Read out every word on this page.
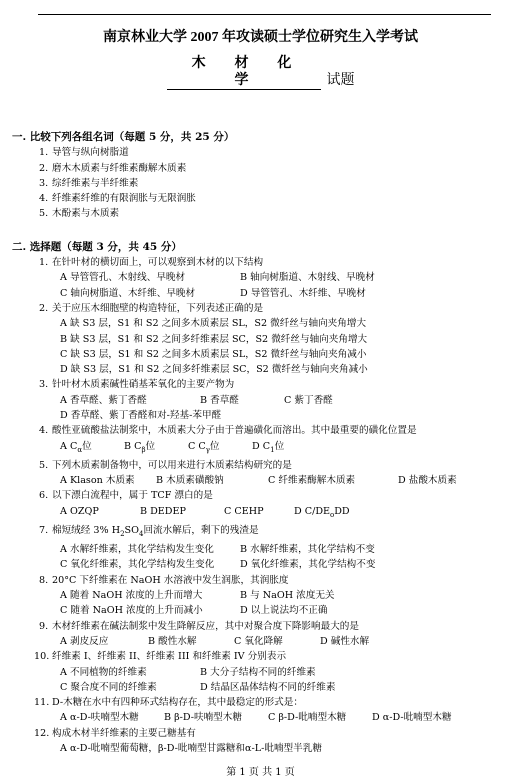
南京林业大学 2007 年攻读硕士学位研究生入学考试
木 材 化 学	试题
一. 比较下列各组名词（每题 5 分，共 25 分）
1. 导管与纵向树脂道
2. 磨木木质素与纤维素酶解木质素
3. 综纤维素与半纤维素
4. 纤维素纤维的有限润胀与无限润胀
5. 木酚素与木质素
二. 选择题（每题 3 分，共 45 分）
1. 在针叶材的横切面上，可以观察到木材的以下结构
A 导管管孔、木射线、早晚材	B 轴向树脂道、木射线、早晚材
C 轴向树脂道、木纤维、早晚材	D 导管管孔、木纤维、早晚材
2. 关于应压木细胞壁的构造特征，下列表述正确的是
A 缺 S3 层，S1 和 S2 之间多木质素层 SL，S2 微纤丝与轴向夹角增大
B 缺 S3 层，S1 和 S2 之间多纤维素层 SC，S2 微纤丝与轴向夹角增大
C 缺 S3 层，S1 和 S2 之间多木质素层 SL，S2 微纤丝与轴向夹角减小
D 缺 S3 层，S1 和 S2 之间多纤维素层 SC，S2 微纤丝与轴向夹角减小
3. 针叶材木质素碱性硝基苯氧化的主要产物为
A 香草醛、紫丁香醛	B 香草醛	C 紫丁香醛
D 香草醛、紫丁香醛和对-羟基-苯甲醛
4. 酸性亚硫酸盐法制浆中，木质素大分子由于普遍磺化而溶出。其中最重要的磺化位置是
A $C_\alpha$位	B $C_\beta$位	C $C_\gamma$位	D $C_1$位
5. 下列木质素制备物中，可以用来进行木质素结构研究的是
A Klason 木质素	B 木质素磺酸钠	C 纤维素酶解木质素	D 盐酸木质素
6. 以下漂白流程中，属于 TCF 漂白的是
A OZQP	B DEDEP	C CEHP	D $C/DE_oDD$
7. 棉短绒经 3% $H_2SO_4$回流水解后，剩下的残渣是
A 水解纤维素，其化学结构发生变化	B 水解纤维素，其化学结构不变
C 氧化纤维素，其化学结构发生变化	D 氧化纤维素，其化学结构不变
8. 20°C 下纤维素在 NaOH 水溶液中发生润胀，其润胀度
A 随着 NaOH 浓度的上升而增大	B 与 NaOH 浓度无关
C 随着 NaOH 浓度的上升而减小	D 以上说法均不正确
9. 木材纤维素在碱法制浆中发生降解反应，其中对聚合度下降影响最大的是
A 剥皮反应	B 酸性水解	C 氧化降解	D 碱性水解
10. 纤维素 I、纤维素 II、纤维素 III 和纤维素 IV 分别表示
A 不同植物的纤维素	B 大分子结构不同的纤维素
C 聚合度不同的纤维素	D 结晶区晶体结构不同的纤维素
11. D-木糖在水中有四种环式结构存在，其中最稳定的形式是：
A α-D-呋喃型木糖	B β-D-呋喃型木糖	C β-D-吡喃型木糖	D α-D-吡喃型木糖
12. 构成木材半纤维素的主要己糖基有
A α-D-吡喃型葡萄糖，β-D-吡喃型甘露糖和α-L-吡喃型半乳糖
第 1 页 共 1 页
